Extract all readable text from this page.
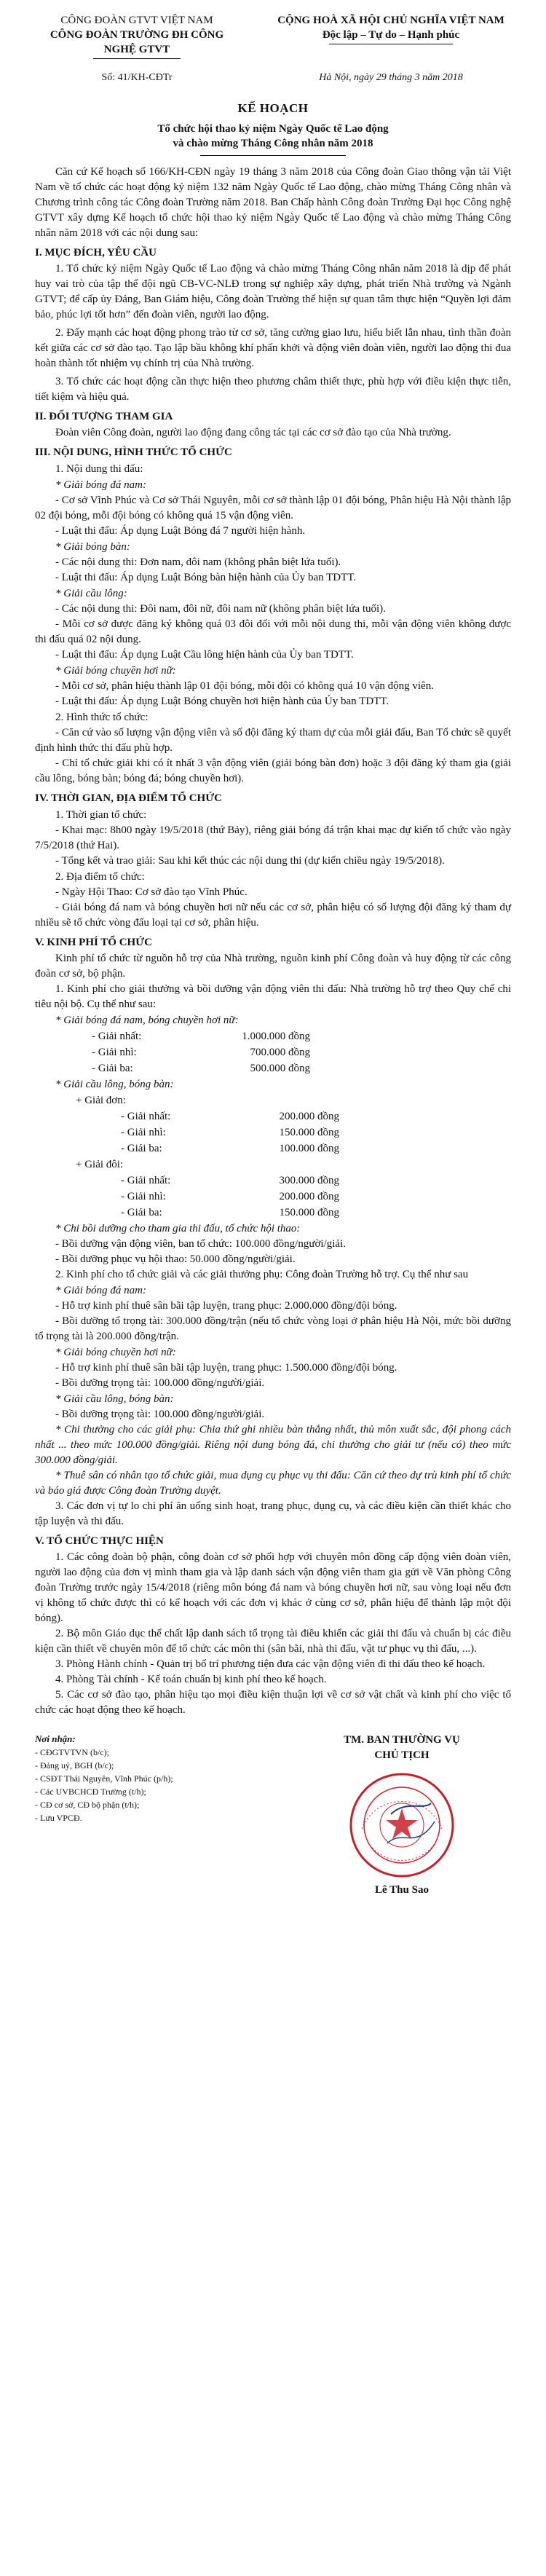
CÔNG ĐOÀN GTVT VIỆT NAM
CÔNG ĐOÀN TRƯỜNG ĐH CÔNG NGHỆ GTVT
CỘNG HOÀ XÃ HỘI CHỦ NGHĨA VIỆT NAM
Độc lập – Tự do – Hạnh phúc
Số: 41/KH-CĐTr	Hà Nội, ngày 29 tháng 3 năm 2018
KẾ HOẠCH
Tổ chức hội thao kỷ niệm Ngày Quốc tế Lao động
và chào mừng Tháng Công nhân năm 2018

Căn cứ Kế hoạch số 166/KH-CĐN ngày 19 tháng 3 năm 2018 của Công đoàn Giao thông vận tải Việt Nam về tổ chức các hoạt động kỷ niệm 132 năm Ngày Quốc tế Lao động, chào mừng Tháng Công nhân và Chương trình công tác Công đoàn Trường năm 2018. Ban Chấp hành Công đoàn Trường Đại học Công nghệ GTVT xây dựng Kế hoạch tổ chức hội thao kỷ niệm Ngày Quốc tế Lao động và chào mừng Tháng Công nhân năm 2018 với các nội dung sau:

I. MỤC ĐÍCH, YÊU CẦU

1. Tổ chức kỷ niệm Ngày Quốc tế Lao động và chào mừng Tháng Công nhân năm 2018 là dịp để phát huy vai trò của tập thể đội ngũ CB-VC-NLĐ trong sự nghiệp xây dựng, phát triển Nhà trường và Ngành GTVT; để cấp ủy Đảng, Ban Giám hiệu, Công đoàn Trường thể hiện sự quan tâm thực hiện “Quyền lợi đảm bảo, phúc lợi tốt hơn” đến đoàn viên, người lao động.

2. Đẩy mạnh các hoạt động phong trào từ cơ sở, tăng cường giao lưu, hiểu biết lẫn nhau, tình thần đoàn kết giữa các cơ sở đào tạo. Tạo lập bầu không khí phấn khởi và động viên đoàn viên, người lao động thi đua hoàn thành tốt nhiệm vụ chính trị của Nhà trường.

3. Tổ chức các hoạt động cần thực hiện theo phương châm thiết thực, phù hợp với điều kiện thực tiễn, tiết kiệm và hiệu quả.

II. ĐỐI TƯỢNG THAM GIA

Đoàn viên Công đoàn, người lao động đang công tác tại các cơ sở đào tạo của Nhà trường.

III. NỘI DUNG, HÌNH THỨC TỔ CHỨC
1. Nội dung thi đấu:
* Giải bóng đá nam:

- Cơ sở Vĩnh Phúc và Cơ sở Thái Nguyên, mỗi cơ sở thành lập 01 đội bóng, Phân hiệu Hà Nội thành lập 02 đội bóng, mỗi đội bóng có không quá 15 vận động viên.

- Luật thi đấu: Áp dụng Luật Bóng đá 7 người hiện hành.

* Giải bóng bàn:

- Các nội dung thi: Đơn nam, đôi nam (không phân biệt lứa tuổi).

- Luật thi đấu: Áp dụng Luật Bóng bàn hiện hành của Ủy ban TDTT.

* Giải cầu lông:

- Các nội dung thi: Đôi nam, đôi nữ, đôi nam nữ (không phân biệt lứa tuổi).

- Mỗi cơ sở được đăng ký không quá 03 đôi đối với mỗi nội dung thi, mỗi vận động viên không được thi đấu quá 02 nội dung.

- Luật thi đấu: Áp dụng Luật Cầu lông hiện hành của Ủy ban TDTT.

* Giải bóng chuyền hơi nữ:

- Mỗi cơ sở, phân hiệu thành lập 01 đội bóng, mỗi đội có không quá 10 vận động viên.

- Luật thi đấu: Áp dụng Luật Bóng chuyền hơi hiện hành của Ủy ban TDTT.

2. Hình thức tổ chức:

- Căn cứ vào số lượng vận động viên và số đội đăng ký tham dự của mỗi giải đấu, Ban Tổ chức sẽ quyết định hình thức thi đấu phù hợp.

- Chỉ tổ chức giải khi có ít nhất 3 vận động viên (giải bóng bàn đơn) hoặc 3 đội đăng ký tham gia (giải cầu lông, bóng bàn; bóng đá; bóng chuyền hơi).

IV. THỜI GIAN, ĐỊA ĐIỂM TỔ CHỨC
1. Thời gian tổ chức:

- Khai mạc: 8h00 ngày 19/5/2018 (thứ Bảy), riêng giải bóng đá trận khai mạc dự kiến tổ chức vào ngày 7/5/2018 (thứ Hai).

- Tổng kết và trao giải: Sau khi kết thúc các nội dung thi (dự kiến chiều ngày 19/5/2018).

2. Địa điểm tổ chức:

- Ngày Hội Thao: Cơ sở đào tạo Vĩnh Phúc.

- Giải bóng đá nam và bóng chuyền hơi nữ nếu các cơ sở, phân hiệu có số lượng đội đăng ký tham dự nhiều sẽ tổ chức vòng đấu loại tại cơ sở, phân hiệu.

V. KINH PHÍ TỔ CHỨC

Kinh phí tổ chức từ nguồn hỗ trợ của Nhà trường, nguồn kinh phí Công đoàn và huy động từ các công đoàn cơ sở, bộ phận.

1. Kinh phí cho giải thưởng và bồi dưỡng vận động viên thi đấu: Nhà trường hỗ trợ theo Quy chế chi tiêu nội bộ. Cụ thể như sau:

* Giải bóng đá nam, bóng chuyền hơi nữ:
- Giải nhất:	1.000.000 đồng
- Giải nhì:	700.000 đồng
- Giải ba:	500.000 đồng
* Giải cầu lông, bóng bàn:
+ Giải đơn:
- Giải nhất:	200.000 đồng
- Giải nhì:	150.000 đồng
- Giải ba:	100.000 đồng
+ Giải đôi:
- Giải nhất:	300.000 đồng
- Giải nhì:	200.000 đồng
- Giải ba:	150.000 đồng
* Chi bồi dưỡng cho tham gia thi đấu, tổ chức hội thao:

- Bồi dưỡng vận động viên, ban tổ chức: 100.000 đồng/người/giải.

- Bồi dưỡng phục vụ hội thao: 50.000 đồng/người/giải.

2. Kinh phí cho tổ chức giải và các giải thưởng phụ: Công đoàn Trường hỗ trợ. Cụ thể như sau

* Giải bóng đá nam:

- Hỗ trợ kinh phí thuê sân bãi tập luyện, trang phục: 2.000.000 đồng/đội bóng.

- Bồi dưỡng tổ trọng tài: 300.000 đồng/trận (nếu tổ chức vòng loại ở phân hiệu Hà Nội, mức bồi dưỡng tổ trọng tài là 200.000 đồng/trận.

* Giải bóng chuyền hơi nữ:

- Hỗ trợ kinh phí thuê sân bãi tập luyện, trang phục: 1.500.000 đồng/đội bóng.

- Bồi dưỡng trọng tài: 100.000 đồng/người/giải.

* Giải cầu lông, bóng bàn:

- Bồi dưỡng trọng tài: 100.000 đồng/người/giải.

* Chi thưởng cho các giải phụ: Chia thứ ghi nhiều bàn thắng nhất, thủ môn xuất sắc, đội phong cách nhất ... theo mức 100.000 đồng/giải. Riêng nội dung bóng đá, chi thưởng cho giải tư (nếu có) theo mức 300.000 đồng/giải.

* Thuê sân có nhân tạo tổ chức giải, mua dụng cụ phục vụ thi đấu: Căn cứ theo dự trù kinh phí tổ chức và báo giá được Công đoàn Trường duyệt.

3. Các đơn vị tự lo chi phí ăn uống sinh hoạt, trang phục, dụng cụ, và các điều kiện cần thiết khác cho tập luyện và thi đấu.

V. TỔ CHỨC THỰC HIỆN

1. Các công đoàn bộ phận, công đoàn cơ sở phối hợp với chuyên môn đồng cấp động viên đoàn viên, người lao động của đơn vị mình tham gia và lập danh sách vận động viên tham gia gửi về Văn phòng Công đoàn Trường trước ngày 15/4/2018 (riêng môn bóng đá nam và bóng chuyền hơi nữ, sau vòng loại nếu đơn vị không tổ chức được thì có kế hoạch với các đơn vị khác ở cùng cơ sở, phân hiệu để thành lập một đội bóng).

2. Bộ môn Giáo dục thể chất lập danh sách tổ trọng tài điều khiển các giải thi đấu và chuẩn bị các điều kiện cần thiết về chuyên môn để tổ chức các môn thi (sân bãi, nhà thi đấu, vật tư phục vụ thi đấu, ...).

3. Phòng Hành chính - Quản trị bố trí phương tiện đưa các vận động viên đi thi đấu theo kế hoạch.

4. Phòng Tài chính - Kế toán chuẩn bị kinh phí theo kế hoạch.

5. Các cơ sở đào tạo, phân hiệu tạo mọi điều kiện thuận lợi về cơ sở vật chất và kinh phí cho việc tổ chức các hoạt động theo kế hoạch.

Nơi nhận:
- CĐGTVTVN (b/c);
- Đảng uỷ, BGH (b/c);
- CSĐT Thái Nguyên, Vĩnh Phúc (p/h);
- Các UVBCHCĐ Trường (t/h);
- CĐ cơ sở, CĐ bộ phận (t/h);
- Lưu VPCĐ.
TM. BAN THƯỜNG VỤ
CHỦ TỊCH
Lê Thu Sao
